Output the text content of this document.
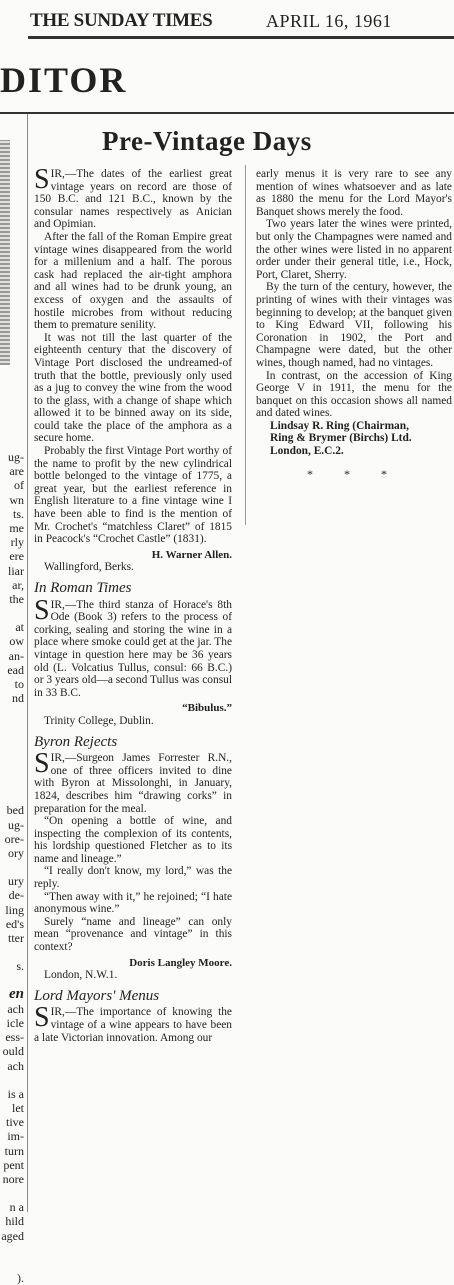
THE SUNDAY TIMES	APRIL 16, 1961
DITOR

ug-

are

of

wn

ts.

me

rly

ere

liar

ar,

the

at

ow

an-

ead

to

nd

bed

ug-

ore-

ory

ury

de-

ling

ed's

tter

s.

en

ach

icle

ess-

ould

ach

is a

let

tive

im-

turn

pent

nore

n a

hild

aged

).

Pre-Vintage Days

SIR,—The dates of the earliest great vintage years on record are those of 150 B.C. and 121 B.C., known by the consular names respectively as Anician and Opimian.

After the fall of the Roman Empire great vintage wines disappeared from the world for a millenium and a half. The porous cask had replaced the air-tight amphora and all wines had to be drunk young, an excess of oxygen and the assaults of hostile microbes from without reducing them to premature senility.

It was not till the last quarter of the eighteenth century that the discovery of Vintage Port disclosed the undreamed-of truth that the bottle, previously only used as a jug to convey the wine from the wood to the glass, with a change of shape which allowed it to be binned away on its side, could take the place of the amphora as a secure home.

Probably the first Vintage Port worthy of the name to profit by the new cylindrical bottle belonged to the vintage of 1775, a great year, but the earliest reference in English literature to a fine vintage wine I have been able to find is the mention of Mr. Crochet's “matchless Claret” of 1815 in Peacock's “Crochet Castle” (1831).

H. Warner Allen.

Wallingford, Berks.

In Roman Times

SIR,—The third stanza of Horace's 8th Ode (Book 3) refers to the process of corking, sealing and storing the wine in a place where smoke could get at the jar. The vintage in question here may be 36 years old (L. Volcatius Tullus, consul: 66 B.C.) or 3 years old—a second Tullus was consul in 33 B.C.

“Bibulus.”

Trinity College, Dublin.

Byron Rejects

SIR,—Surgeon James Forrester R.N., one of three officers invited to dine with Byron at Missolonghi, in January, 1824, describes him “drawing corks” in preparation for the meal.

“On opening a bottle of wine, and inspecting the complexion of its contents, his lordship questioned Fletcher as to its name and lineage.”

“I really don't know, my lord,” was the reply.

“Then away with it,” he rejoined; “I hate anonymous wine.”

Surely “name and lineage” can only mean “provenance and vintage” in this context?

Doris Langley Moore.

London, N.W.1.

Lord Mayors' Menus

SIR,—The importance of knowing the vintage of a wine appears to have been a late Victorian innovation. Among our

early menus it is very rare to see any mention of wines whatsoever and as late as 1880 the menu for the Lord Mayor's Banquet shows merely the food.

Two years later the wines were printed, but only the Champagnes were named and the other wines were listed in no apparent order under their general title, i.e., Hock, Port, Claret, Sherry.

By the turn of the century, however, the printing of wines with their vintages was beginning to develop; at the banquet given to King Edward VII, following his Coronation in 1902, the Port and Champagne were dated, but the other wines, though named, had no vintages.

In contrast, on the accession of King George V in 1911, the menu for the banquet on this occasion shows all named and dated wines.

Lindsay R. Ring (Chairman,

Ring & Brymer (Birchs) Ltd.

London, E.C.2.

* * *
